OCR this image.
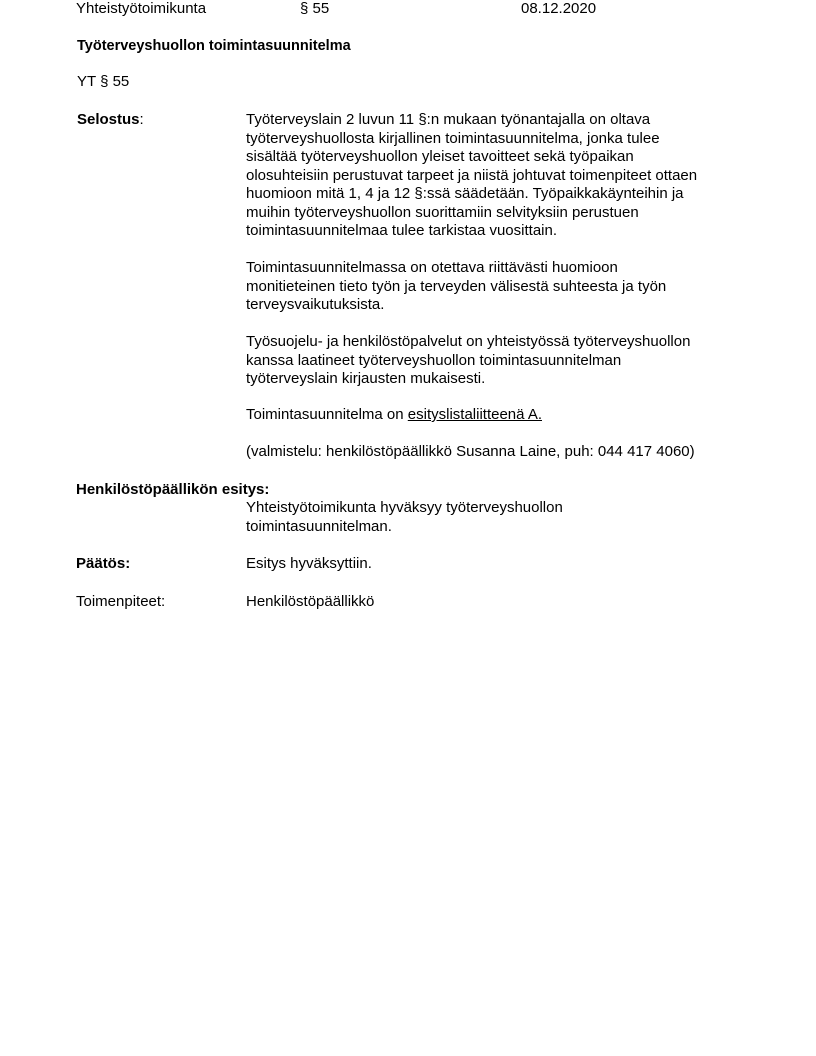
Yhteistyötoimikunta	§ 55	08.12.2020
Työterveyshuollon toimintasuunnitelma
YT § 55
Selostus:	Työterveyslain 2 luvun 11 §:n mukaan työnantajalla on oltava
työterveyshuollosta kirjallinen toimintasuunnitelma, jonka tulee
sisältää työterveyshuollon yleiset tavoitteet sekä työpaikan
olosuhteisiin perustuvat tarpeet ja niistä johtuvat toimenpiteet ottaen
huomioon mitä 1, 4 ja 12 §:ssä säädetään. Työpaikkakäynteihin ja
muihin työterveyshuollon suorittamiin selvityksiin perustuen
toimintasuunnitelmaa tulee tarkistaa vuosittain.
Toimintasuunnitelmassa on otettava riittävästi huomioon
monitieteinen tieto työn ja terveyden välisestä suhteesta ja työn
terveysvaikutuksista.
Työsuojelu- ja henkilöstöpalvelut on yhteistyössä työterveyshuollon
kanssa laatineet työterveyshuollon toimintasuunnitelman
työterveyslain kirjausten mukaisesti.
Toimintasuunnitelma on esityslistaliitteenä A.
(valmistelu: henkilöstöpäällikkö Susanna Laine, puh: 044 417 4060)
Henkilöstöpäällikön esitys:
Yhteistyötoimikunta hyväksyy työterveyshuollon
toimintasuunnitelman.
Päätös:	Esitys hyväksyttiin.
Toimenpiteet:	Henkilöstöpäällikkö
